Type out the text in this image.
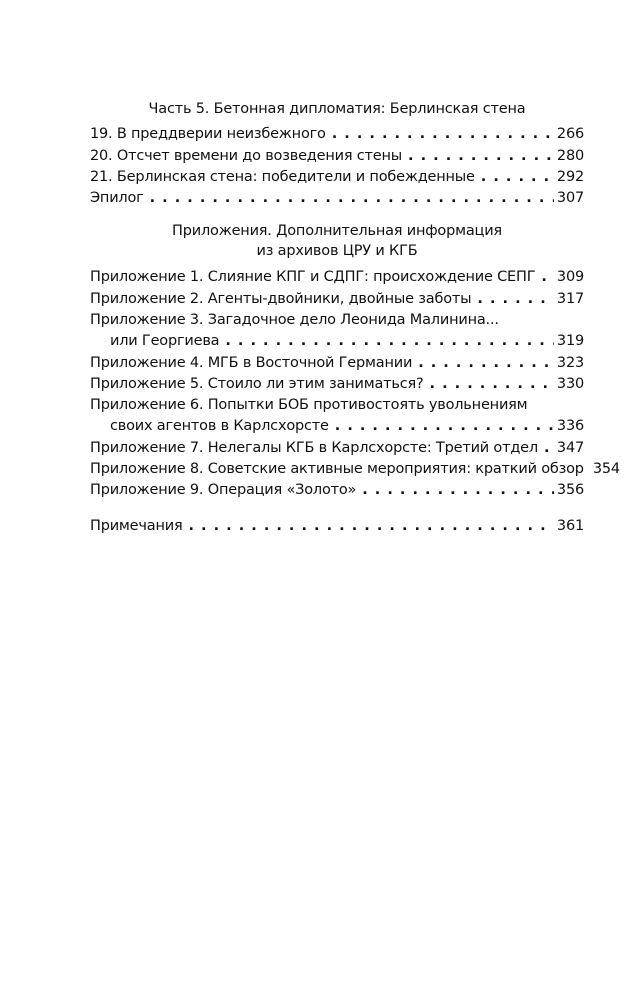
Часть 5. Бетонная дипломатия: Берлинская стена
19. В преддверии неизбежного . . .	266
20. Отсчет времени до возведения стены . . .	280
21. Берлинская стена: победители и побежденные . . .	292
Эпилог . . .	307
Приложения. Дополнительная информация
из архивов ЦРУ и КГБ
Приложение 1. Слияние КПГ и СДПГ: происхождение СЕПГ . . .	309
Приложение 2. Агенты-двойники, двойные заботы . . .	317
Приложение 3. Загадочное дело Леонида Малинина...
или Георгиева . . .	319
Приложение 4. МГБ в Восточной Германии . . .	323
Приложение 5. Стоило ли этим заниматься? . . .	330
Приложение 6. Попытки БОБ противостоять увольнениям
своих агентов в Карлсхорсте . . .	336
Приложение 7. Нелегалы КГБ в Карлсхорсте: Третий отдел . . .	347
Приложение 8. Советские активные мероприятия: краткий обзор 354
Приложение 9. Операция «Золото» . . .	356
Примечания . . .	361
